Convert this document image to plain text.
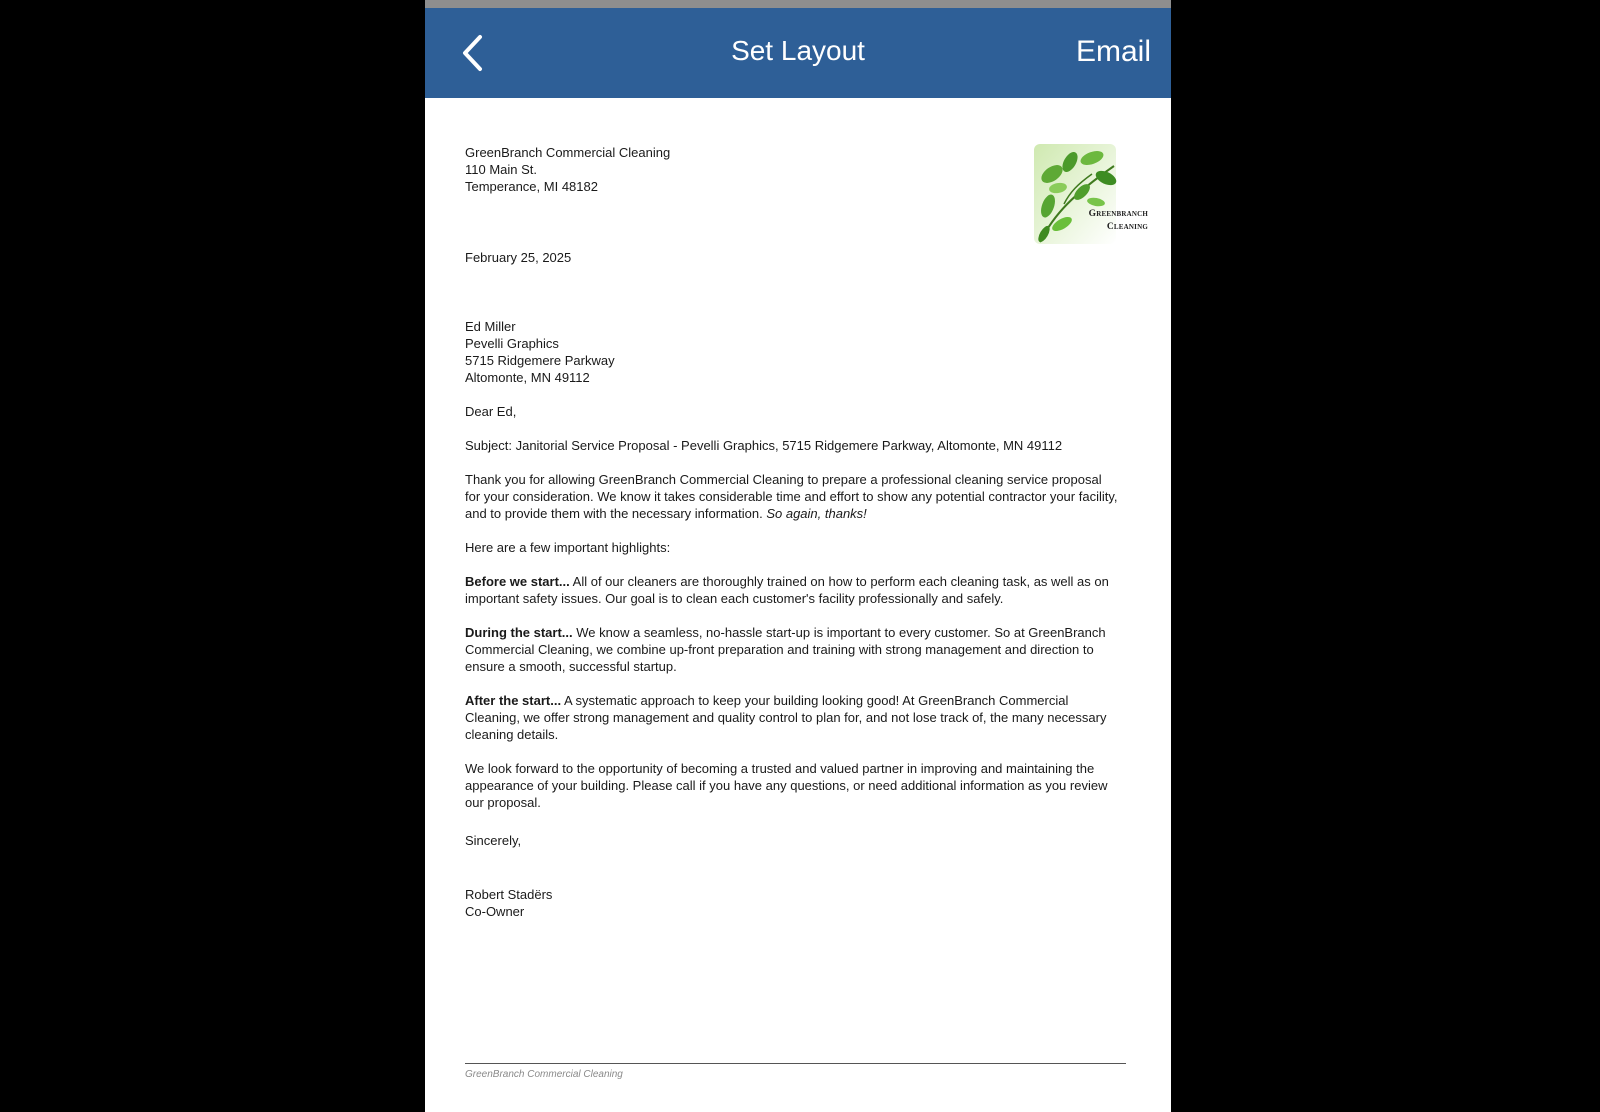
Set Layout	Email
Greenbranch
Cleaning
GreenBranch Commercial Cleaning
110 Main St.
Temperance, MI 48182
February 25, 2025
Ed Miller
Pevelli Graphics
5715 Ridgemere Parkway
Altomonte, MN 49112
Dear Ed,
Subject: Janitorial Service Proposal - Pevelli Graphics, 5715 Ridgemere Parkway, Altomonte, MN 49112
Thank you for allowing GreenBranch Commercial Cleaning to prepare a professional cleaning service proposal
for your consideration. We know it takes considerable time and effort to show any potential contractor your facility,
and to provide them with the necessary information. So again, thanks!
Here are a few important highlights:
Before we start... All of our cleaners are thoroughly trained on how to perform each cleaning task, as well as on
important safety issues. Our goal is to clean each customer's facility professionally and safely.
During the start... We know a seamless, no-hassle start-up is important to every customer. So at GreenBranch
Commercial Cleaning, we combine up-front preparation and training with strong management and direction to
ensure a smooth, successful startup.
After the start... A systematic approach to keep your building looking good! At GreenBranch Commercial
Cleaning, we offer strong management and quality control to plan for, and not lose track of, the many necessary
cleaning details.
We look forward to the opportunity of becoming a trusted and valued partner in improving and maintaining the
appearance of your building. Please call if you have any questions, or need additional information as you review
our proposal.
Sincerely,
Robert Stadërs
Co-Owner
GreenBranch Commercial Cleaning
